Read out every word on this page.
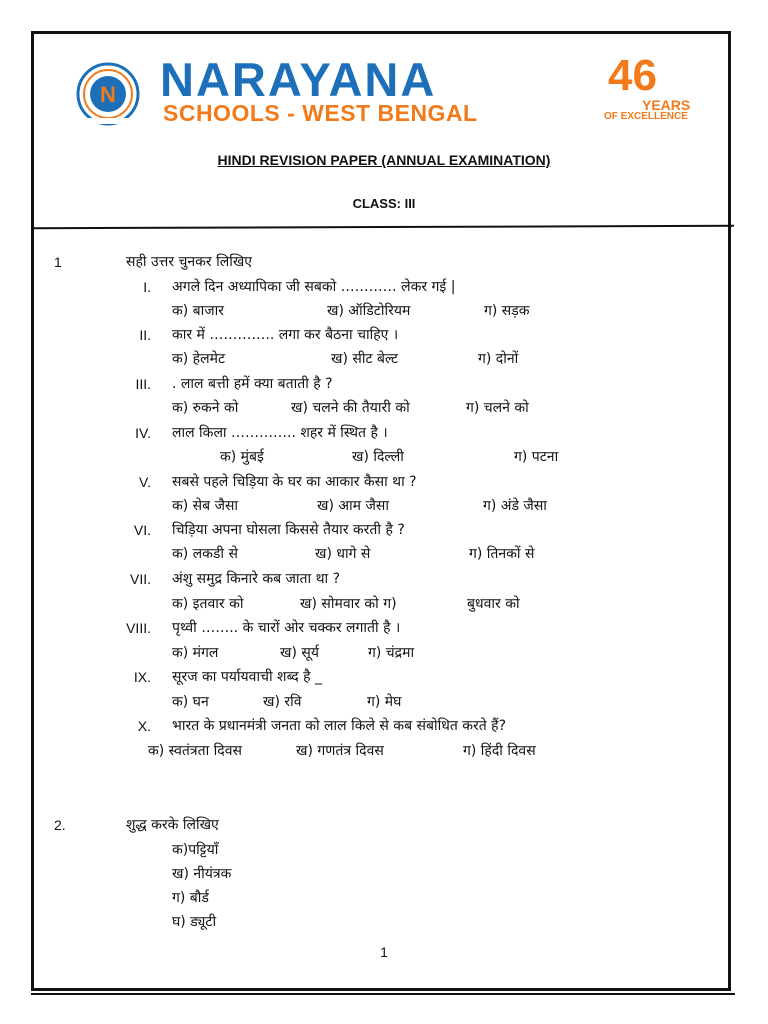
N NARAYANA
SCHOOLS - WEST BENGAL
46
YEARS
OF EXCELLENCE
HINDI REVISION PAPER (ANNUAL EXAMINATION)
CLASS: III
1	सही उत्तर चुनकर लिखिए
I. अगले दिन अध्यापिका जी सबको ………… लेकर गई |
क) बाजार	ख) ऑडिटोरियम	ग) सड़क
II. कार में ………….. लगा कर बैठना चाहिए ।
क) हेलमेट	ख) सीट बेल्ट	ग) दोनों
III. . लाल बत्ती हमें क्या बताती है ?
क) रुकने को	ख) चलने की तैयारी को	ग) चलने को
IV. लाल किला ………….. शहर में स्थित है ।
क) मुंबई	ख) दिल्ली	ग) पटना
V. सबसे पहले चिड़िया के घर का आकार कैसा था ?
क) सेब जैसा	ख) आम जैसा	ग) अंडे जैसा
VI. चिड़िया अपना घोसला किससे तैयार करती है ?
क) लकडी से	ख) धागे से	ग) तिनकों से
VII. अंशु समुद्र किनारे कब जाता था ?
क) इतवार को	ख) सोमवार को ग)	बुधवार को
VIII. पृथ्वी …….. के चारों ओर चक्कर लगाती है ।
क) मंगल	ख) सूर्य	ग) चंद्रमा
IX. सूरज का पर्यायवाची शब्द है _
क) घन	ख) रवि	ग) मेघ
X. भारत के प्रधानमंत्री जनता को लाल किले से कब संबोधित करते हैं?
क) स्वतंत्रता दिवस	ख) गणतंत्र दिवस	ग) हिंदी दिवस
2.	शुद्ध करके लिखिए
क)पट्टियाँ
ख) नीयंत्रक
ग) बौर्ड
घ) ड्यूटी
1
